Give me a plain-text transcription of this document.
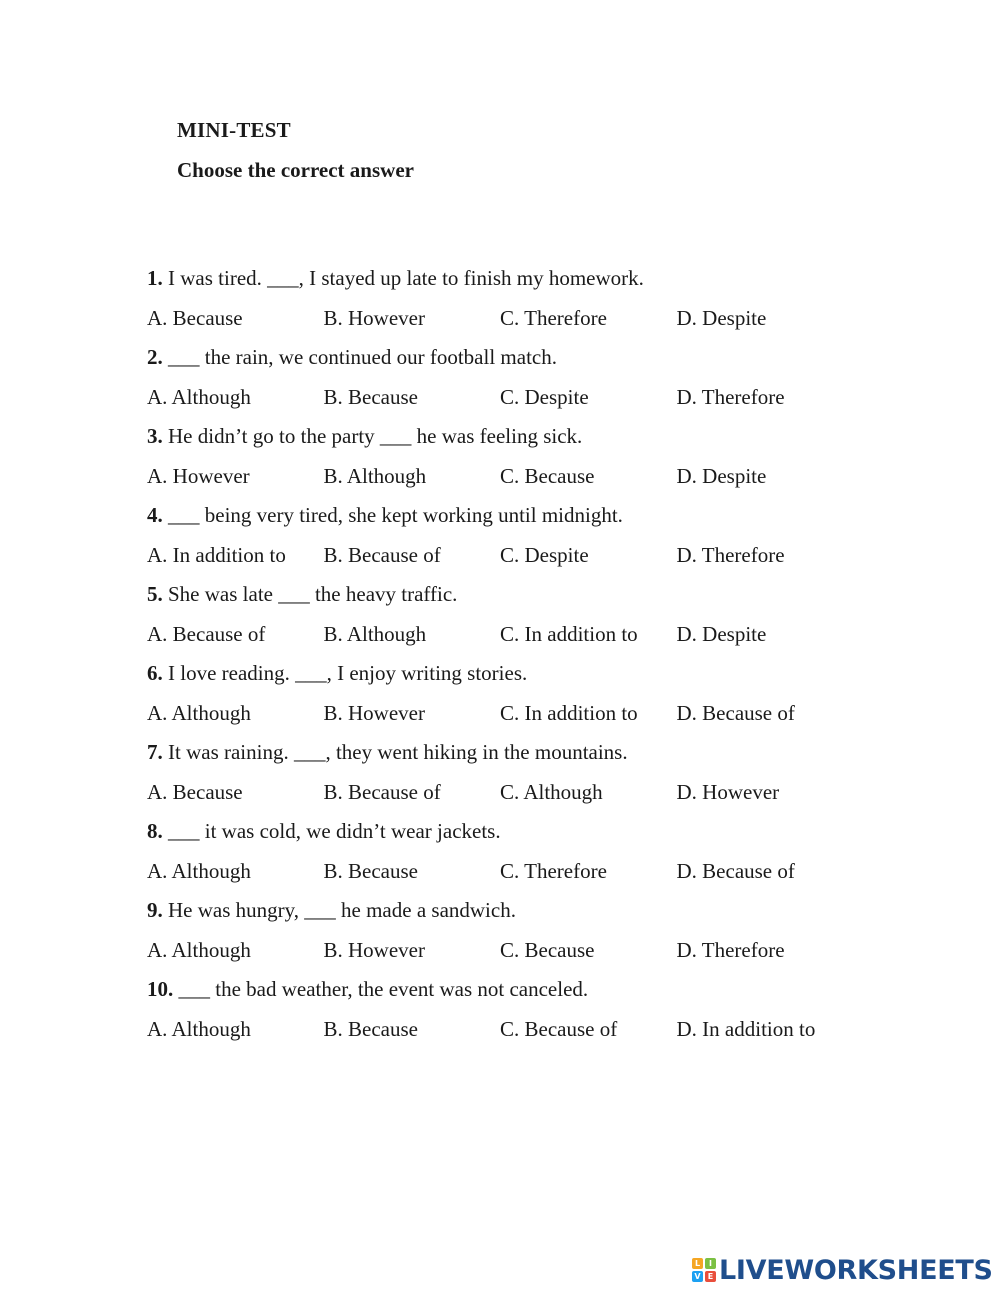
MINI-TEST
Choose the correct answer
1. I was tired. ___, I stayed up late to finish my homework.
A. Because	B. However	C. Therefore	D. Despite
2. ___ the rain, we continued our football match.
A. Although	B. Because	C. Despite	D. Therefore
3. He didn’t go to the party ___ he was feeling sick.
A. However	B. Although	C. Because	D. Despite
4. ___ being very tired, she kept working until midnight.
A. In addition to	B. Because of	C. Despite	D. Therefore
5. She was late ___ the heavy traffic.
A. Because of	B. Although	C. In addition to	D. Despite
6. I love reading. ___, I enjoy writing stories.
A. Although	B. However	C. In addition to	D. Because of
7. It was raining. ___, they went hiking in the mountains.
A. Because	B. Because of	C. Although	D. However
8. ___ it was cold, we didn’t wear jackets.
A. Although	B. Because	C. Therefore	D. Because of
9. He was hungry, ___ he made a sandwich.
A. Although	B. However	C. Because	D. Therefore
10. ___ the bad weather, the event was not canceled.
A. Although	B. Because	C. Because of	D. In addition to
L	I
V E LIVEWORKSHEETS
